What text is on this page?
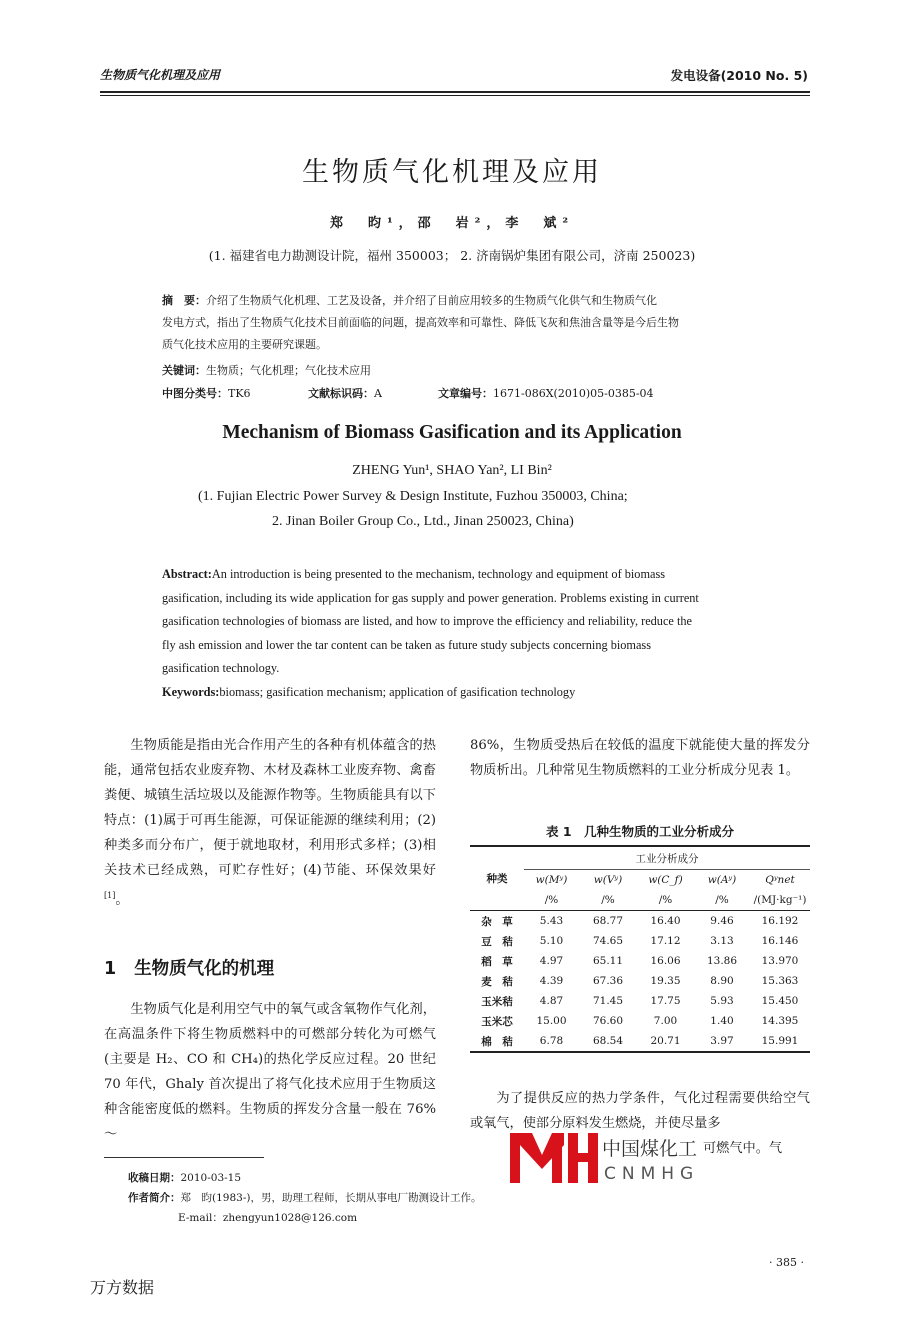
生物质气化机理及应用	发电设备(2010 No. 5)
生物质气化机理及应用
郑　昀¹，邵　岩²，李　斌²
(1. 福建省电力勘测设计院，福州 350003； 2. 济南锅炉集团有限公司，济南 250023)

摘　要：介绍了生物质气化机理、工艺及设备，并介绍了目前应用较多的生物质气化供气和生物质气化

发电方式，指出了生物质气化技术目前面临的问题，提高效率和可靠性、降低飞灰和焦油含量等是今后生物

质气化技术应用的主要研究课题。

关键词：生物质；气化机理；气化技术应用

中图分类号：TK6	文献标识码：A	文章编号：1671-086X(2010)05-0385-04
Mechanism of Biomass Gasification and its Application
ZHENG Yun¹, SHAO Yan², LI Bin²
(1. Fujian Electric Power Survey & Design Institute, Fuzhou 350003, China;
2. Jinan Boiler Group Co., Ltd., Jinan 250023, China)

Abstract:An introduction is being presented to the mechanism, technology and equipment of biomass

gasification, including its wide application for gas supply and power generation. Problems existing in current

gasification technologies of biomass are listed, and how to improve the efficiency and reliability, reduce the

fly ash emission and lower the tar content can be taken as future study subjects concerning biomass

gasification technology.

Keywords:biomass; gasification mechanism; application of gasification technology

生物质能是指由光合作用产生的各种有机体蕴含的热能，通常包括农业废弃物、木材及森林工业废弃物、禽畜粪便、城镇生活垃圾以及能源作物等。生物质能具有以下特点：(1)属于可再生能源，可保证能源的继续利用；(2)种类多而分布广，便于就地取材，利用形式多样；(3)相关技术已经成熟，可贮存性好；(4)节能、环保效果好[1]。

1 生物质气化的机理

生物质气化是利用空气中的氧气或含氧物作气化剂，在高温条件下将生物质燃料中的可燃部分转化为可燃气(主要是 H₂、CO 和 CH₄)的热化学反应过程。20 世纪 70 年代，Ghaly 首次提出了将气化技术应用于生物质这种含能密度低的燃料。生物质的挥发分含量一般在 76%～

收稿日期：2010-03-15
作者简介：郑　昀(1983-)，男，助理工程师，长期从事电厂勘测设计工作。
E-mail：zhengyun1028@126.com

86%，生物质受热后在较低的温度下就能使大量的挥发分物质析出。几种常见生物质燃料的工业分析成分见表 1。

表 1　几种生物质的工业分析成分
种类	工业分析成分				
	w(Mʸ)	w(Vʸ)	w(C_f)	w(Aʸ)	Qʸnet
	/%	/%	/%	/%	/(MJ·kg⁻¹)
杂　草	5.43	68.77	16.40	9.46	16.192
豆　秸	5.10	74.65	17.12	3.13	16.146
稻　草	4.97	65.11	16.06	13.86	13.970
麦　秸	4.39	67.36	19.35	8.90	15.363
玉米秸	4.87	71.45	17.75	5.93	15.450
玉米芯	15.00	76.60	7.00	1.40	14.395
棉　秸	6.78	68.54	20.71	3.97	15.991

为了提供反应的热力学条件，气化过程需要供给空气或氧气，使部分原料发生燃烧，并使尽量多

可燃气中。气
中国煤化工
CNMHG
· 385 ·
万方数据
